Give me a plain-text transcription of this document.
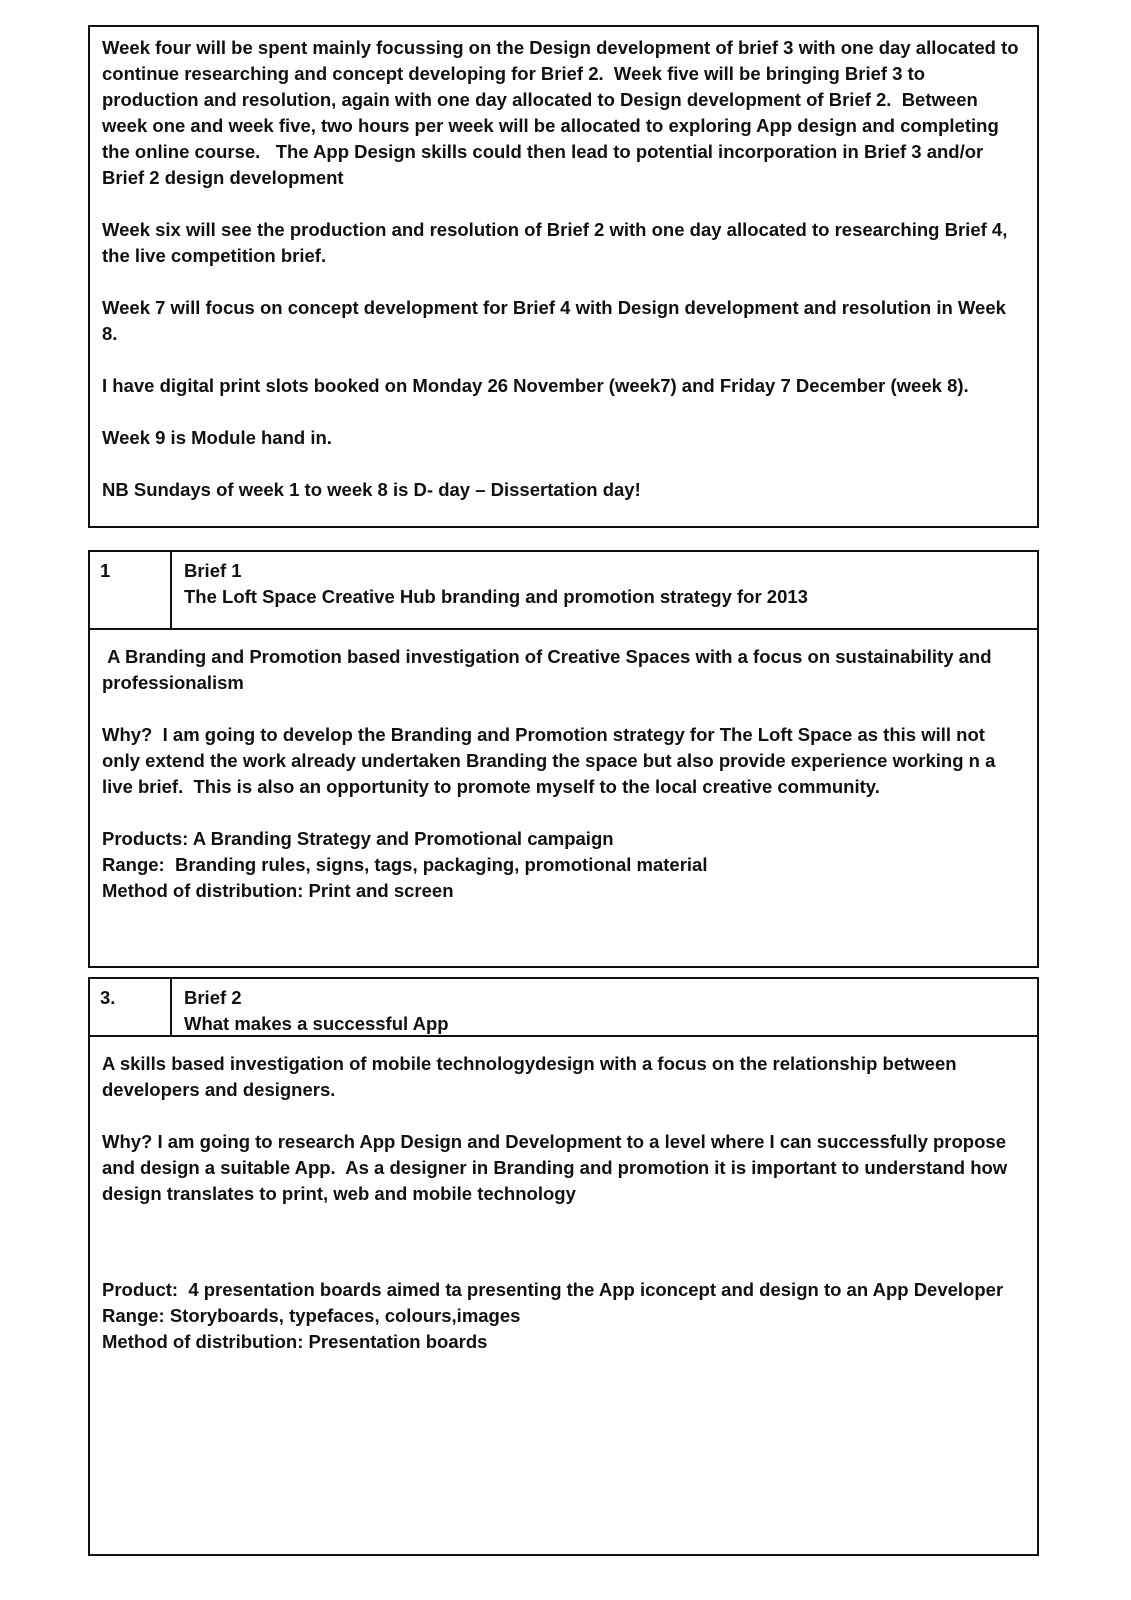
Week four will be spent mainly focussing on the Design development of brief 3 with one day allocated to continue researching and concept developing for Brief 2.  Week five will be bringing Brief 3 to production and resolution, again with one day allocated to Design development of Brief 2.  Between week one and week five, two hours per week will be allocated to exploring App design and completing the online course.   The App Design skills could then lead to potential incorporation in Brief 3 and/or Brief 2 design development

Week six will see the production and resolution of Brief 2 with one day allocated to researching Brief 4, the live competition brief.

Week 7 will focus on concept development for Brief 4 with Design development and resolution in Week 8.

I have digital print slots booked on Monday 26 November (week7) and Friday 7 December (week 8).

Week 9 is Module hand in.

NB Sundays of week 1 to week 8 is D- day – Dissertation day!

1	Brief 1
The Loft Space Creative Hub branding and promotion strategy for 2013

A Branding and Promotion based investigation of Creative Spaces with a focus on sustainability and professionalism

Why?  I am going to develop the Branding and Promotion strategy for The Loft Space as this will not only extend the work already undertaken Branding the space but also provide experience working n a live brief.  This is also an opportunity to promote myself to the local creative community.

Products: A Branding Strategy and Promotional campaign
Range:  Branding rules, signs, tags, packaging, promotional material
Method of distribution: Print and screen
3.	Brief 2
What makes a successful App

A skills based investigation of mobile technologydesign with a focus on the relationship between developers and designers.

Why? I am going to research App Design and Development to a level where I can successfully propose and design a suitable App.  As a designer in Branding and promotion it is important to understand how design translates to print, web and mobile technology

Product:  4 presentation boards aimed ta presenting the App iconcept and design to an App Developer
Range: Storyboards, typefaces, colours,images
Method of distribution: Presentation boards
